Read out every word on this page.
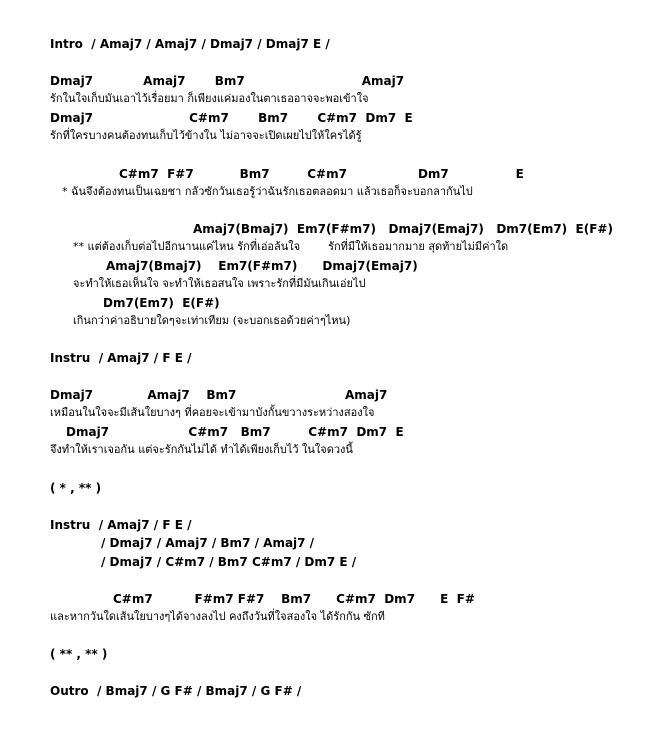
Intro  / Amaj7 / Amaj7 / Dmaj7 / Dmaj7 E /
Dmaj7            Amaj7       Bm7                            Amaj7
รักในใจเก็บมันเอาไว้เรื่อยมา ก็เพียงแค่มองในตาเธออาจจะพอเข้าใจ
Dmaj7                       C#m7       Bm7       C#m7  Dm7  E
รักที่ใครบางคนต้องทนเก็บไว้ข้างใน ไม่อาจจะเปิดเผยไปให้ใครได้รู้
C#m7  F#7           Bm7         C#m7                 Dm7                E
* ฉันจึงต้องทนเป็นเฉยชา กลัวซักวันเธอรู้ว่าฉันรักเธอตลอดมา แล้วเธอก็จะบอกลากันไป
Amaj7(Bmaj7)  Em7(F#m7)   Dmaj7(Emaj7)   Dm7(Em7)  E(F#)
** แต่ต้องเก็บต่อไปอีกนานแค่ไหน รักที่เอ่อล้นใจ        รักที่มีให้เธอมากมาย สุดท้ายไม่มีค่าใด
Amaj7(Bmaj7)    Em7(F#m7)      Dmaj7(Emaj7)
จะทำให้เธอเห็นใจ จะทำให้เธอสนใจ เพราะรักที่มีมันเกินเอ่ยไป
Dm7(Em7)  E(F#)
เกินกว่าค่าอธิบายใดๆจะเท่าเทียม (จะบอกเธอด้วยค่าๆไหน)
Instru  / Amaj7 / F E /
Dmaj7             Amaj7    Bm7                          Amaj7
เหมือนในใจจะมีเส้นใยบางๆ ที่คอยจะเข้ามาบังกั้นขวางระหว่างสองใจ
Dmaj7                   C#m7   Bm7         C#m7  Dm7  E
จึงทำให้เราเจอกัน แต่จะรักกันไม่ได้ ทำได้เพียงเก็บไว้ ในใจดวงนี้
( * , ** )
Instru  / Amaj7 / F E /
/ Dmaj7 / Amaj7 / Bm7 / Amaj7 /
/ Dmaj7 / C#m7 / Bm7 C#m7 / Dm7 E /
C#m7          F#m7 F#7    Bm7      C#m7  Dm7      E  F#
และหากวันใดเส้นใยบางๆได้จางลงไป คงถึงวันที่ใจสองใจ ได้รักกัน ซักที
( ** , ** )
Outro  / Bmaj7 / G F# / Bmaj7 / G F# /
